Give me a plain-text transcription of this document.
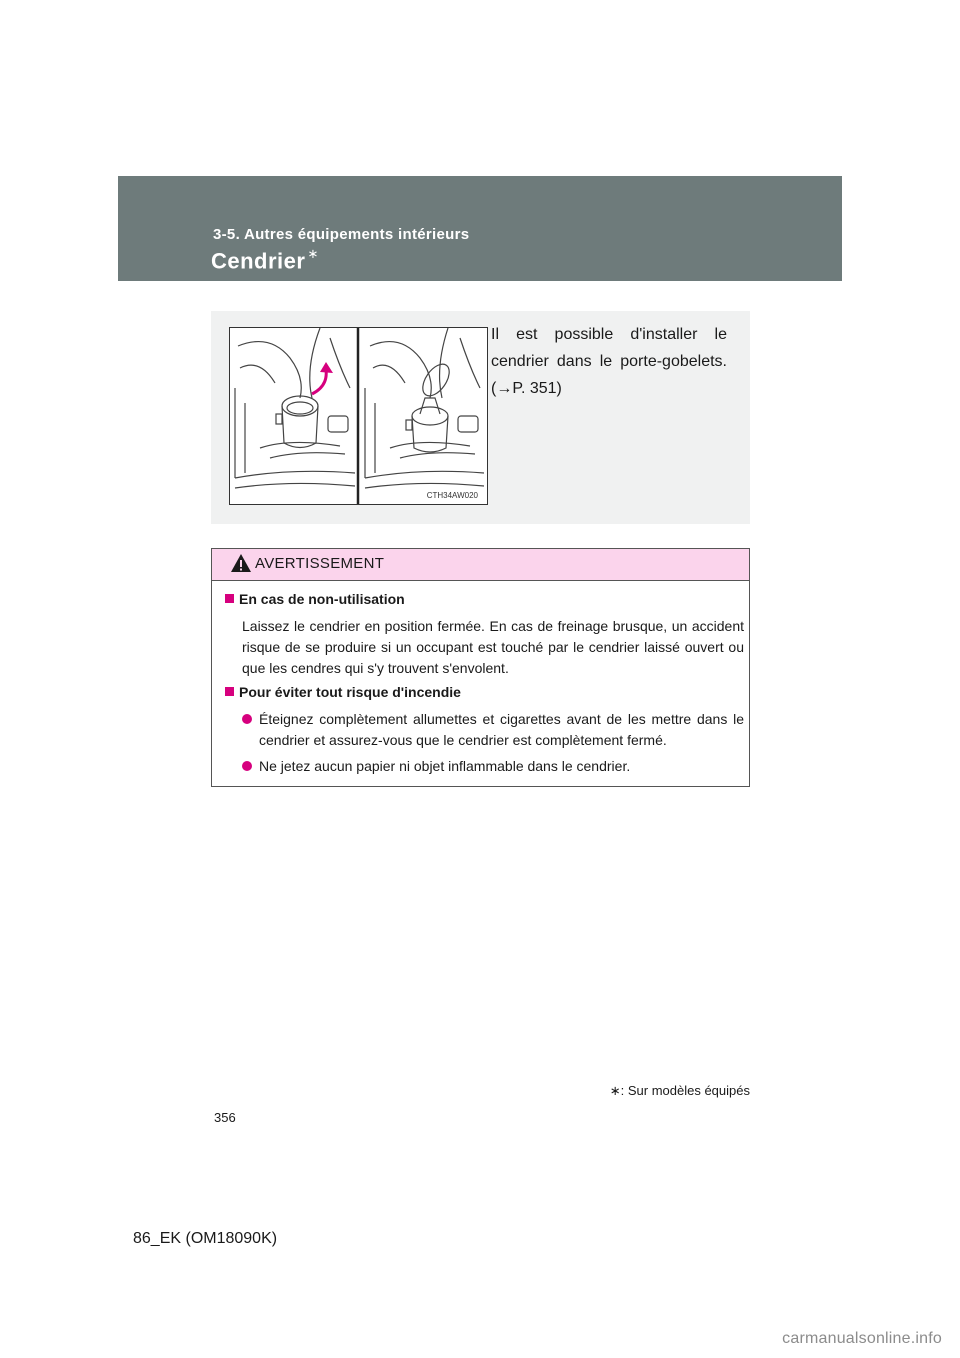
3-5. Autres équipements intérieurs
Cendrier ∗
CTH34AW020
Il est possible d'installer le cendrier dans le porte-gobelets. (→P. 351)
AVERTISSEMENT
En cas de non-utilisation
Laissez le cendrier en position fermée. En cas de freinage brusque, un accident risque de se produire si un occupant est touché par le cendrier laissé ouvert ou que les cendres qui s'y trouvent s'envolent.
Pour éviter tout risque d'incendie
Éteignez complètement allumettes et cigarettes avant de les mettre dans le cendrier et assurez-vous que le cendrier est complètement fermé.
Ne jetez aucun papier ni objet inflammable dans le cendrier.
∗: Sur modèles équipés
356
86_EK (OM18090K)
carmanualsonline.info
